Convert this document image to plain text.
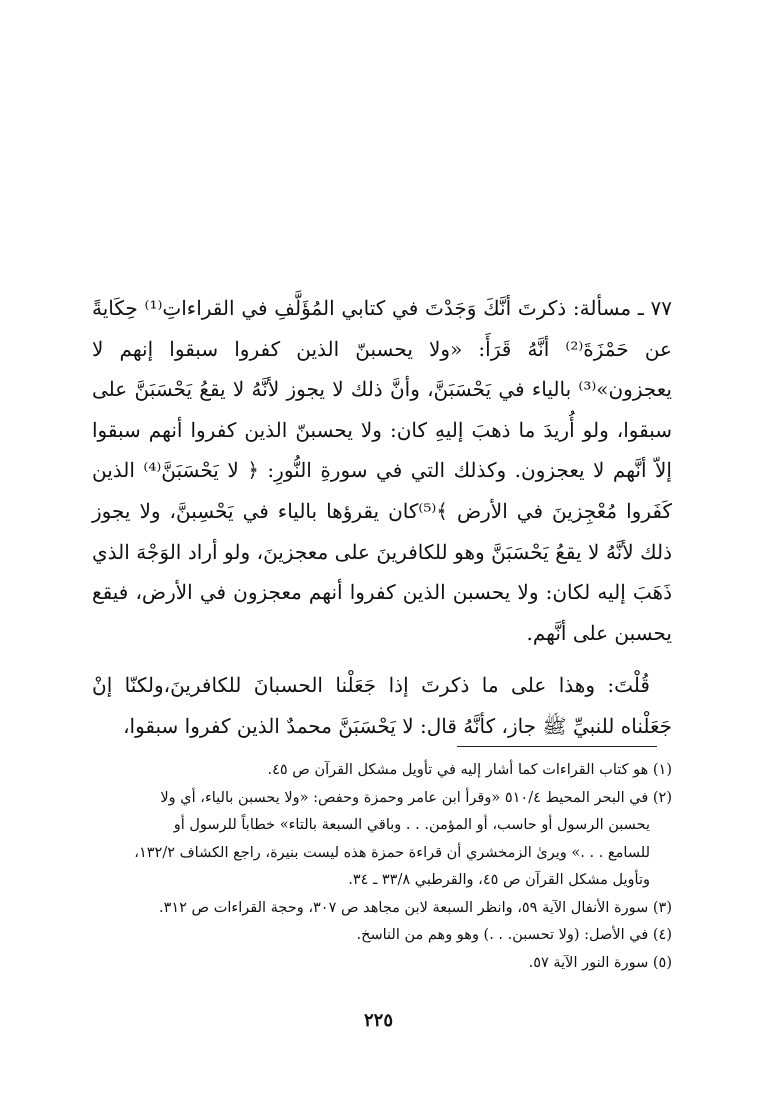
٧٧ ـ مسألة: ذكرتَ أنَّكَ وَجَدْتَ في كتابي المُؤَلَّفِ في القراءاتِ⁽¹⁾ حِكَايةً عن حَمْزَةَ⁽²⁾ أنَّهُ قَرَأَ: «ولا يحسبنّ الذين كفروا سبقوا إنهم لا يعجزون»⁽³⁾ بالياء في يَحْسَبَنَّ، وأنَّ ذلك لا يجوز لأنَّهُ لا يقعُ يَحْسَبَنَّ على سبقوا، ولو أُريدَ ما ذهبَ إليهِ كان: ولا يحسبنّ الذين كفروا أنهم سبقوا إلاّ أنَّهم لا يعجزون. وكذلك التي في سورةِ النُّورِ: ﴿ لا يَحْسَبَنَّ⁽⁴⁾ الذين كَفَروا مُعْجِزينَ في الأرض ﴾⁽⁵⁾كان يقرؤها بالياء في يَحْسِبنَّ، ولا يجوز ذلك لأنَّهُ لا يقعُ يَحْسَبَنَّ وهو للكافرينَ على معجزينَ، ولو أراد الوَجْهَ الذي ذَهَبَ إليه لكان: ولا يحسبن الذين كفروا أنهم معجزون في الأرض، فيقع يحسبن على أنَّهم.

قُلْتَ: وهذا على ما ذكرتَ إذا جَعَلْنا الحسبانَ للكافرينَ،ولكنّا إنْ جَعَلْناه للنبيِّ ﷺ جاز، كأنَّهُ قال: لا يَحْسَبَنَّ محمدٌ الذين كفروا سبقوا،

(١) هو كتاب القراءات كما أشار إليه في تأويل مشكل القرآن ص ٤٥.

(٢) في البحر المحيط ٥١٠/٤ «وقرأ ابن عامر وحمزة وحفص: «ولا يحسبن بالياء، أي ولا

يحسبن الرسول أو حاسب، أو المؤمن. . . وباقي السبعة بالتاء» خطاباً للرسول أو

للسامع . . .» ويرىٰ الزمخشري أن قراءة حمزة هذه ليست بنيرة، راجع الكشاف ١٣٢/٢،

وتأويل مشكل القرآن ص ٤٥، والقرطبي ٣٣/٨ ـ ٣٤.

(٣) سورة الأنفال الآية ٥٩، وانظر السبعة لابن مجاهد ص ٣٠٧، وحجة القراءات ص ٣١٢.

(٤) في الأصل: (ولا تحسبن. . .) وهو وهم من الناسخ.

(٥) سورة النور الآية ٥٧.

٢٢٥
